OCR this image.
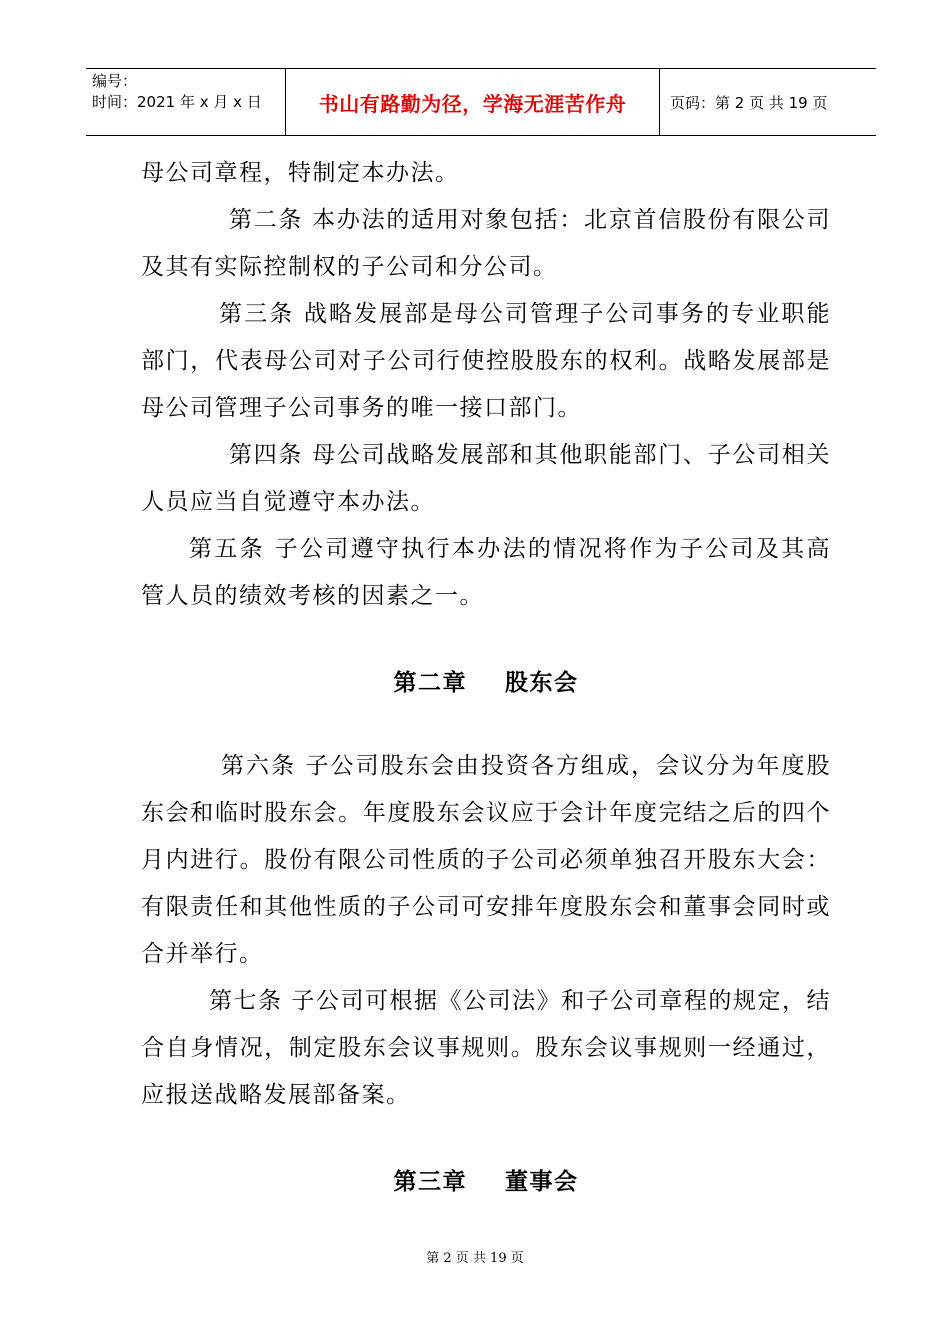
编号：
时间：2021 年 x 月 x 日	书山有路勤为径，学海无涯苦作舟	页码：第 2 页 共 19 页

母公司章程，特制定本办法。

第二条 本办法的适用对象包括：北京首信股份有限公司及其有实际控制权的子公司和分公司。

第三条 战略发展部是母公司管理子公司事务的专业职能部门，代表母公司对子公司行使控股股东的权利。战略发展部是母公司管理子公司事务的唯一接口部门。

第四条 母公司战略发展部和其他职能部门、子公司相关人员应当自觉遵守本办法。

第五条 子公司遵守执行本办法的情况将作为子公司及其高管人员的绩效考核的因素之一。

第二章    股东会

第六条 子公司股东会由投资各方组成，会议分为年度股东会和临时股东会。年度股东会议应于会计年度完结之后的四个月内进行。股份有限公司性质的子公司必须单独召开股东大会：有限责任和其他性质的子公司可安排年度股东会和董事会同时或合并举行。

第七条 子公司可根据《公司法》和子公司章程的规定，结合自身情况，制定股东会议事规则。股东会议事规则一经通过，应报送战略发展部备案。

第三章    董事会

第 2 页 共 19 页
